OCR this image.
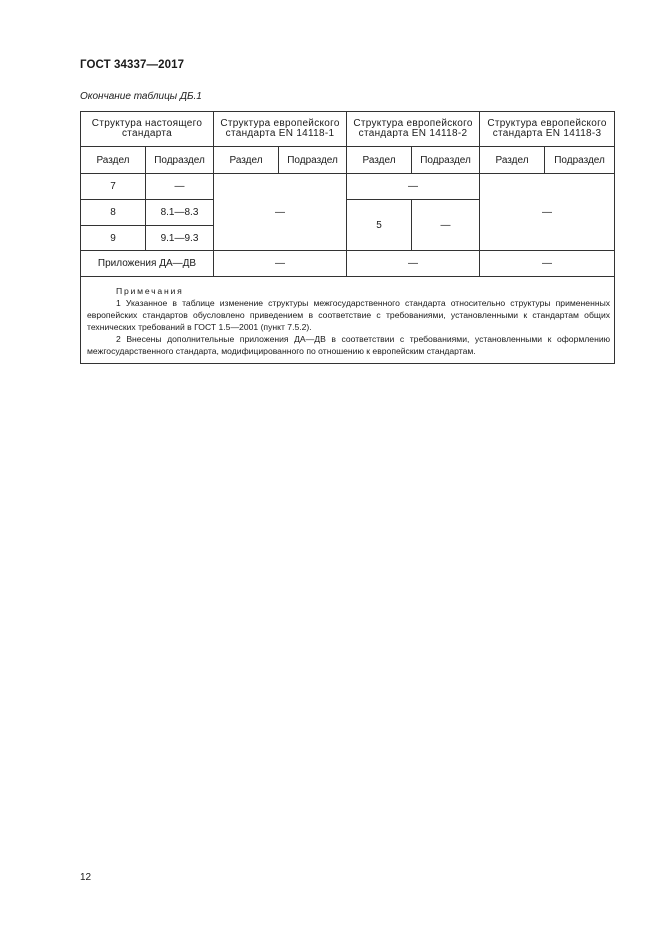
ГОСТ 34337—2017
Окончание таблицы ДБ.1
Структура настоящего стандарта		Структура европейского стандарта EN 14118-1		Структура европейского стандарта EN 14118-2		Структура европейского стандарта EN 14118-3	
Раздел	Подраздел	Раздел	Подраздел	Раздел	Подраздел	Раздел	Подраздел
7	—	—		—		—	
8	8.1—8.3			5	—		
9	9.1—9.3						
Приложения ДА—ДВ		—		—		—	

Примечания

1 Указанное в таблице изменение структуры межгосударственного стандарта относительно структуры примененных европейских стандартов обусловлено приведением в соответствие с требованиями, установленными к стандартам общих технических требований в ГОСТ 1.5—2001 (пункт 7.5.2).

2 Внесены дополнительные приложения ДА—ДВ в соответствии с требованиями, установленными к оформлению межгосударственного стандарта, модифицированного по отношению к европейским стандартам.							

12
